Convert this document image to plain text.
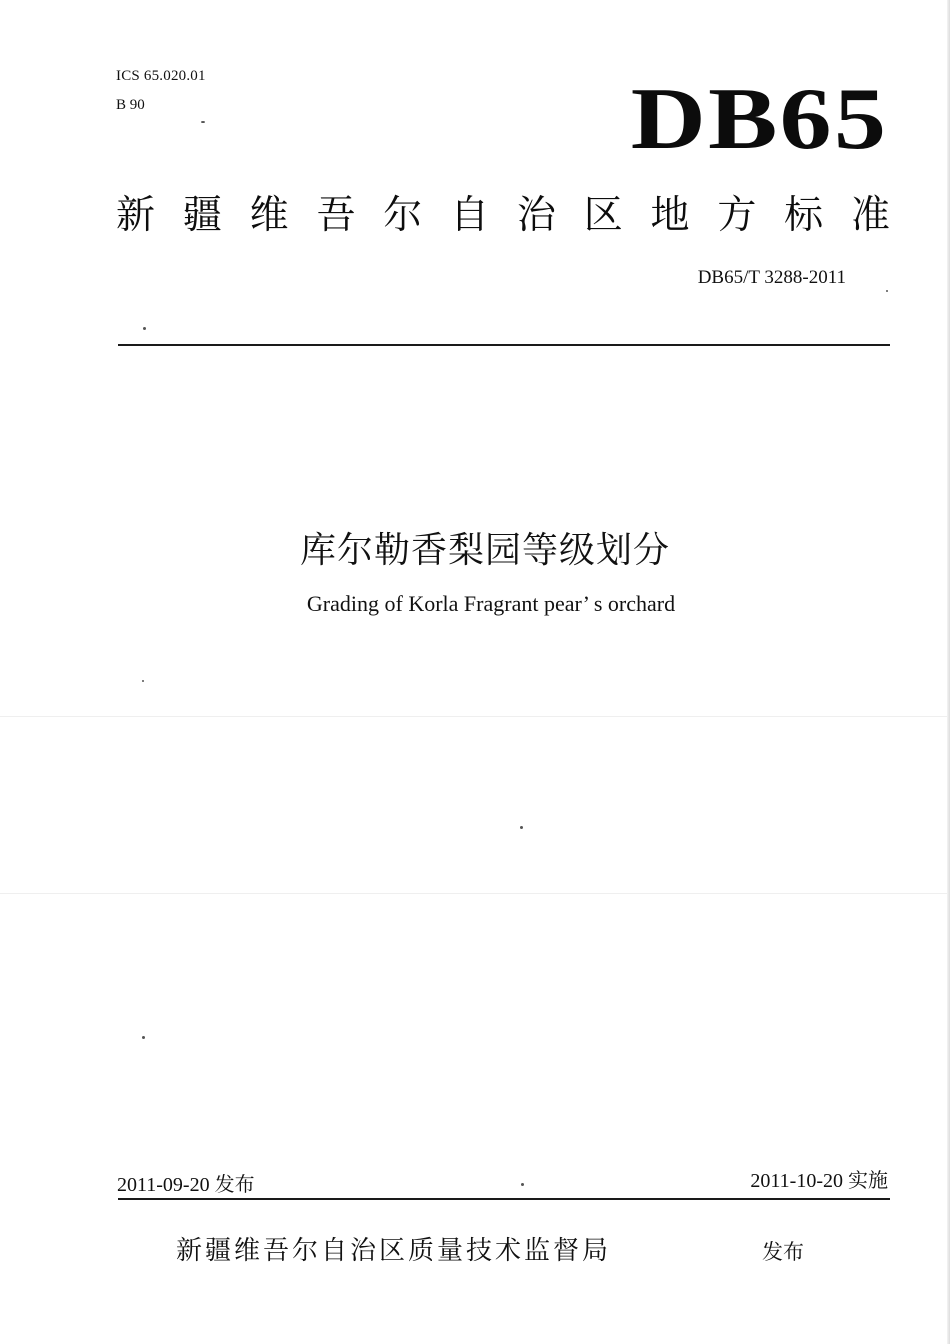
ICS 65.020.01
B 90	DB65
新疆维吾尔自治区地方标准
DB65/T 3288-2011
库尔勒香梨园等级划分
Grading of Korla Fragrant pear’ s orchard
2011-09-20 发布	2011-10-20 实施
新疆维吾尔自治区质量技术监督局	发布
